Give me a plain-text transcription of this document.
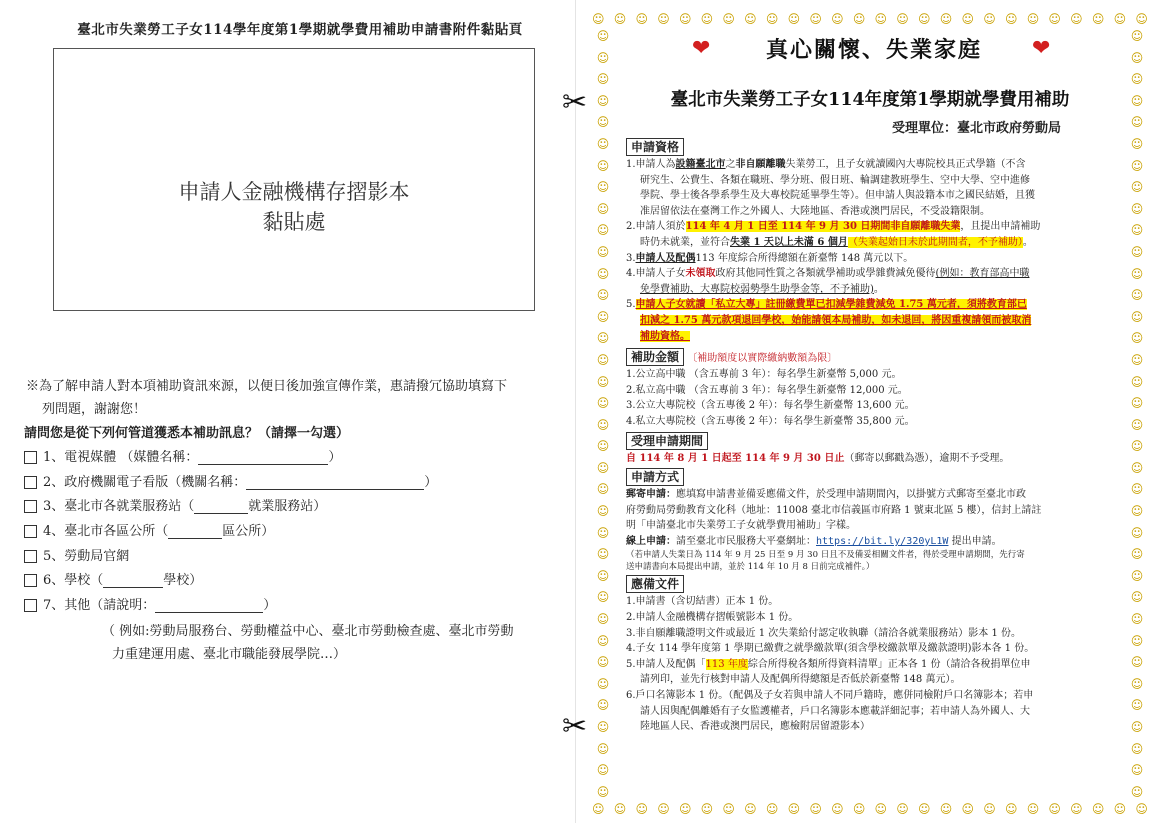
臺北市失業勞工子女114學年度第1學期就學費用補助申請書附件黏貼頁
申請人金融機構存摺影本
黏貼處
※為了解申請人對本項補助資訊來源，以便日後加強宣傳作業，惠請撥冗協助填寫下
列問題，謝謝您！
請問您是從下列何管道獲悉本補助訊息？（請擇一勾選）
1、電視媒體 （媒體名稱：	）
2、政府機關電子看版（機關名稱：	）
3、臺北市各就業服務站（	就業服務站）
4、臺北市各區公所（	區公所）
5、勞動局官網
6、學校（	學校）
7、其他（請說明：	）
（ 例如:勞動局服務台、勞動權益中心、臺北市勞動檢查處、臺北市勞動
力重建運用處、臺北市職能發展學院…）
✂
✂
☺ ☺ ☺ ☺ ☺ ☺ ☺ ☺ ☺ ☺ ☺ ☺ ☺ ☺ ☺ ☺ ☺ ☺ ☺ ☺ ☺ ☺ ☺ ☺ ☺ ☺
☺ ☺ ☺ ☺ ☺ ☺ ☺ ☺ ☺ ☺ ☺ ☺ ☺ ☺ ☺ ☺ ☺ ☺ ☺ ☺ ☺ ☺ ☺ ☺ ☺ ☺
☺
☺
☺
☺
☺
☺
☺
☺
☺
☺
☺
☺
☺
☺
☺
☺
☺
☺
☺
☺
☺
☺
☺
☺
☺
☺
☺
☺
☺
☺
☺
☺
☺
☺
☺
☺
☺
☺
☺
☺
☺
☺
☺
☺
☺
☺
☺
☺
☺
☺
☺
☺
☺
☺
☺
☺
☺
☺
☺
☺
☺
☺
☺
☺
☺
☺
☺
☺
☺
☺
☺
☺
❤	真心關懷、失業家庭	❤
臺北市失業勞工子女114年度第1學期就學費用補助
受理單位：臺北市政府勞動局
申請資格

1.申請人為設籍臺北市之非自願離職失業勞工，且子女就讀國內大專院校具正式學籍（不含

研究生、公費生、各類在職班、學分班、假日班、輪調建教班學生、空中大學、空中進修

學院、學士後各學系學生及大專校院延畢學生等）。但申請人與設籍本市之國民結婚，且獲

准居留依法在臺灣工作之外國人、大陸地區、香港或澳門居民，不受設籍限制。

2.申請人須於114 年 4 月 1 日至 114 年 9 月 30 日期間非自願離職失業，且提出申請補助

時仍未就業，並符合失業 1 天以上未滿 6 個月（失業起始日未於此期間者，不予補助）。

3.申請人及配偶113 年度綜合所得總額在新臺幣 148 萬元以下。

4.申請人子女未領取政府其他同性質之各類就學補助或學雜費減免優待(例如：教育部高中職

免學費補助、大專院校弱勢學生助學金等，不予補助)。

5.申請人子女就讀「私立大專」註冊繳費單已扣減學雜費減免 1.75 萬元者，須將教育部已

扣減之 1.75 萬元款項退回學校，始能請領本局補助，如未退回，將因重複請領而被取消

補助資格。

補助金額 〔補助額度以實際繳納數額為限〕

1.公立高中職 （含五專前 3 年）：每名學生新臺幣 5,000 元。

2.私立高中職 （含五專前 3 年）：每名學生新臺幣 12,000 元。

3.公立大專院校（含五專後 2 年）：每名學生新臺幣 13,600 元。

4.私立大專院校（含五專後 2 年）：每名學生新臺幣 35,800 元。

受理申請期間

自 114 年 8 月 1 日起至 114 年 9 月 30 日止（郵寄以郵戳為憑），逾期不予受理。

申請方式

郵寄申請：應填寫申請書並備妥應備文件，於受理申請期間內，以掛號方式郵寄至臺北市政

府勞動局勞動教育文化科（地址：11008 臺北市信義區市府路 1 號東北區 5 樓），信封上請註

明「申請臺北市失業勞工子女就學費用補助」字樣。

線上申請：請至臺北市民服務大平臺網址：https://bit.ly/320yL1W 提出申請。

（若申請人失業日為 114 年 9 月 25 日至 9 月 30 日且不及備妥相關文件者，得於受理申請期間，先行寄

送申請書向本局提出申請，並於 114 年 10 月 8 日前完成補件。）

應備文件

1.申請書（含切結書）正本 1 份。

2.申請人金融機構存摺帳號影本 1 份。

3.非自願離職證明文件或最近 1 次失業給付認定收執聯（請洽各就業服務站）影本 1 份。

4.子女 114 學年度第 1 學期已繳費之就學繳款單(須含學校繳款單及繳款證明)影本各 1 份。

5.申請人及配偶「113 年度綜合所得稅各類所得資料清單」正本各 1 份（請洽各稅捐單位申

請列印，並先行核對申請人及配偶所得總額是否低於新臺幣 148 萬元）。

6.戶口名簿影本 1 份。（配偶及子女若與申請人不同戶籍時，應併同檢附戶口名簿影本；若申

請人因與配偶離婚有子女監護權者，戶口名簿影本應載詳細記事；若申請人為外國人、大

陸地區人民、香港或澳門居民，應檢附居留證影本）
